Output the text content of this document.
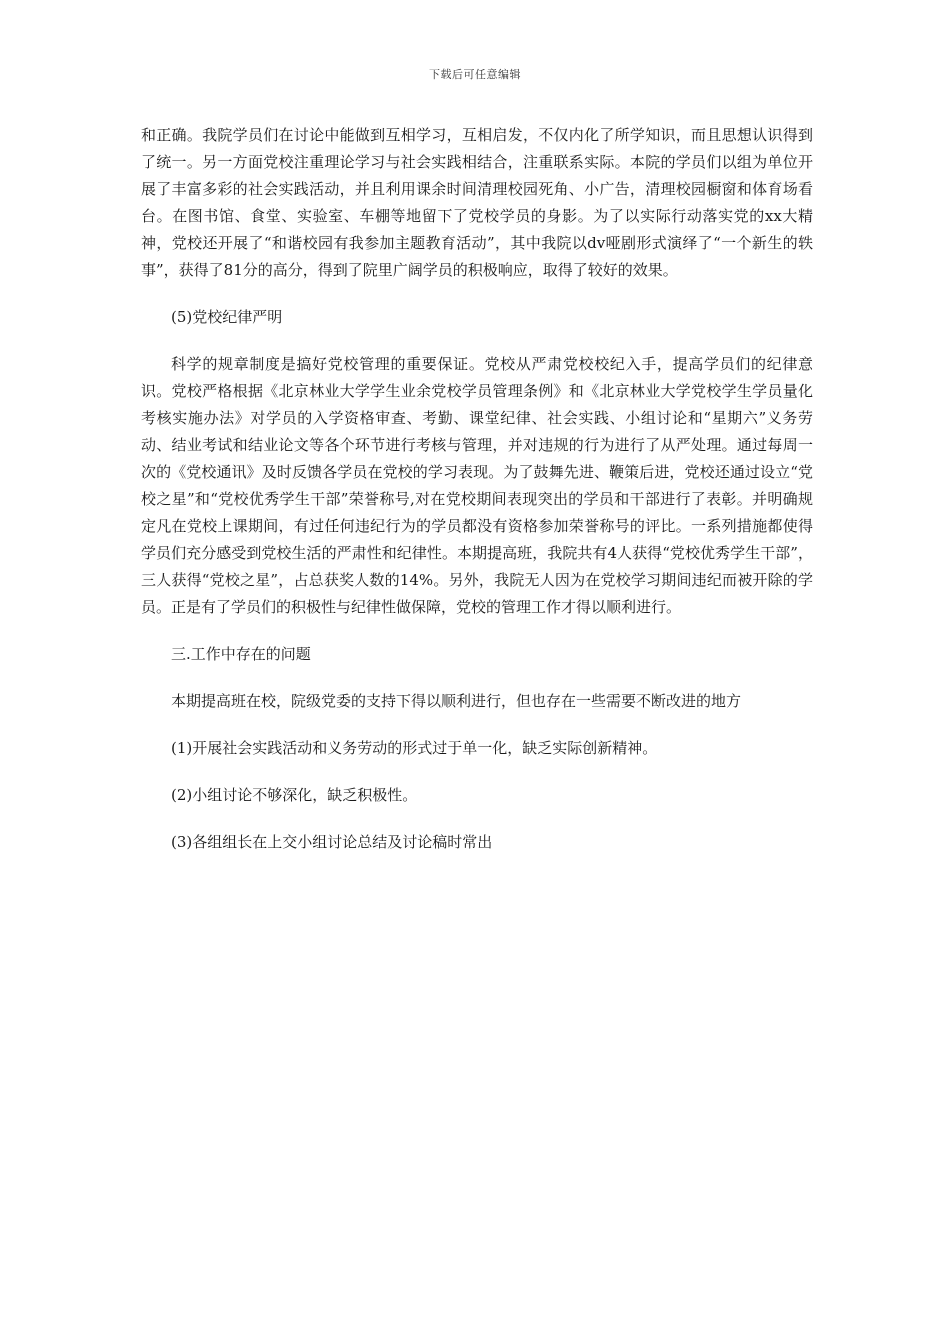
下载后可任意编辑

和正确。我院学员们在讨论中能做到互相学习，互相启发，不仅内化了所学知识，而且思想认识得到了统一。另一方面党校注重理论学习与社会实践相结合，注重联系实际。本院的学员们以组为单位开展了丰富多彩的社会实践活动，并且利用课余时间清理校园死角、小广告，清理校园橱窗和体育场看台。在图书馆、食堂、实验室、车棚等地留下了党校学员的身影。为了以实际行动落实党的xx大精神，党校还开展了“和谐校园有我参加主题教育活动”，其中我院以dv哑剧形式演绎了“一个新生的轶事”，获得了81分的高分，得到了院里广阔学员的积极响应，取得了较好的效果。

(5)党校纪律严明

科学的规章制度是搞好党校管理的重要保证。党校从严肃党校校纪入手，提高学员们的纪律意识。党校严格根据《北京林业大学学生业余党校学员管理条例》和《北京林业大学党校学生学员量化考核实施办法》对学员的入学资格审查、考勤、课堂纪律、社会实践、小组讨论和“星期六”义务劳动、结业考试和结业论文等各个环节进行考核与管理，并对违规的行为进行了从严处理。通过每周一次的《党校通讯》及时反馈各学员在党校的学习表现。为了鼓舞先进、鞭策后进，党校还通过设立“党校之星”和“党校优秀学生干部”荣誉称号,对在党校期间表现突出的学员和干部进行了表彰。并明确规定凡在党校上课期间，有过任何违纪行为的学员都没有资格参加荣誉称号的评比。一系列措施都使得学员们充分感受到党校生活的严肃性和纪律性。本期提高班，我院共有4人获得“党校优秀学生干部”，三人获得“党校之星”，占总获奖人数的14%。另外，我院无人因为在党校学习期间违纪而被开除的学员。正是有了学员们的积极性与纪律性做保障，党校的管理工作才得以顺利进行。

三.工作中存在的问题

本期提高班在校，院级党委的支持下得以顺利进行，但也存在一些需要不断改进的地方

(1)开展社会实践活动和义务劳动的形式过于单一化，缺乏实际创新精神。

(2)小组讨论不够深化，缺乏积极性。

(3)各组组长在上交小组讨论总结及讨论稿时常出
